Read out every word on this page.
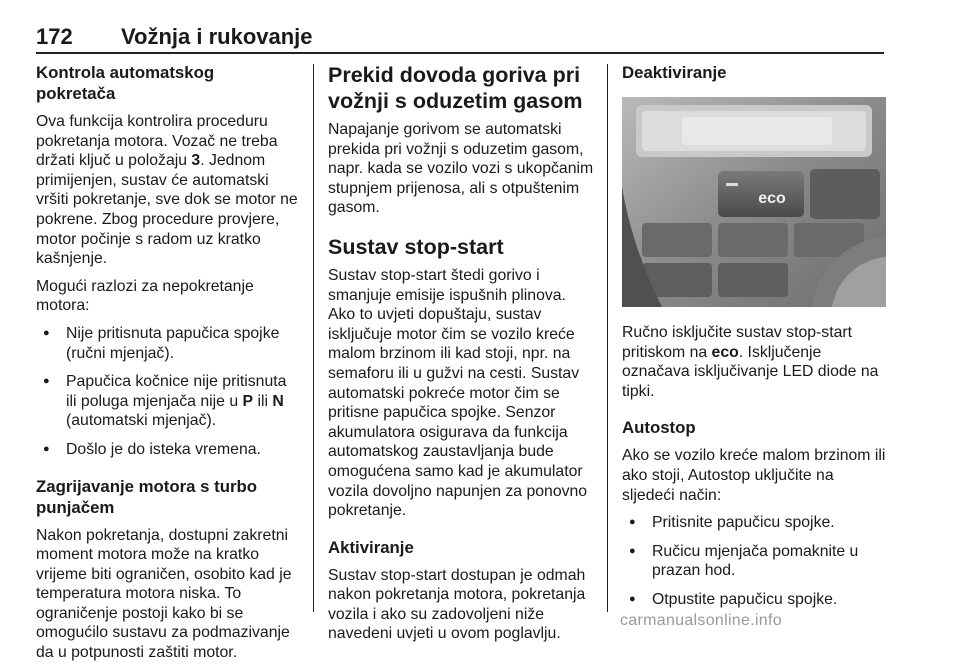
172 Vožnja i rukovanje
Kontrola automatskog pokretača

Ova funkcija kontrolira proceduru pokretanja motora. Vozač ne treba držati ključ u položaju 3. Jednom primijenjen, sustav će automatski vršiti pokretanje, sve dok se motor ne pokrene. Zbog procedure provjere, motor počinje s radom uz kratko kašnjenje.

Mogući razlozi za nepokretanje motora:

● Nije pritisnuta papučica spojke (ručni mjenjač).
● Papučica kočnice nije pritisnuta ili poluga mjenjača nije u P ili N (automatski mjenjač).
● Došlo je do isteka vremena.
Zagrijavanje motora s turbo punjačem

Nakon pokretanja, dostupni zakretni moment motora može na kratko vrijeme biti ograničen, osobito kad je temperatura motora niska. To ograničenje postoji kako bi se omogućilo sustavu za podmazivanje da u potpunosti zaštiti motor.

Prekid dovoda goriva pri vožnji s oduzetim gasom

Napajanje gorivom se automatski prekida pri vožnji s oduzetim gasom, napr. kada se vozilo vozi s ukopčanim stupnjem prijenosa, ali s otpuštenim gasom.

Sustav stop-start

Sustav stop-start štedi gorivo i smanjuje emisije ispušnih plinova. Ako to uvjeti dopuštaju, sustav isključuje motor čim se vozilo kreće malom brzinom ili kad stoji, npr. na semaforu ili u gužvi na cesti. Sustav automatski pokreće motor čim se pritisne papučica spojke. Senzor akumulatora osigurava da funkcija automatskog zaustavljanja bude omogućena samo kad je akumulator vozila dovoljno napunjen za ponovno pokretanje.

Aktiviranje

Sustav stop-start dostupan je odmah nakon pokretanja motora, pokretanja vozila i ako su zadovoljeni niže navedeni uvjeti u ovom poglavlju.

Deaktiviranje
eco

Ručno isključite sustav stop-start pritiskom na eco. Isključenje označava isključivanje LED diode na tipki.

Autostop

Ako se vozilo kreće malom brzinom ili ako stoji, Autostop uključite na sljedeći način:

● Pritisnite papučicu spojke.
● Ručicu mjenjača pomaknite u prazan hod.
● Otpustite papučicu spojke.
carmanualsonline.info
